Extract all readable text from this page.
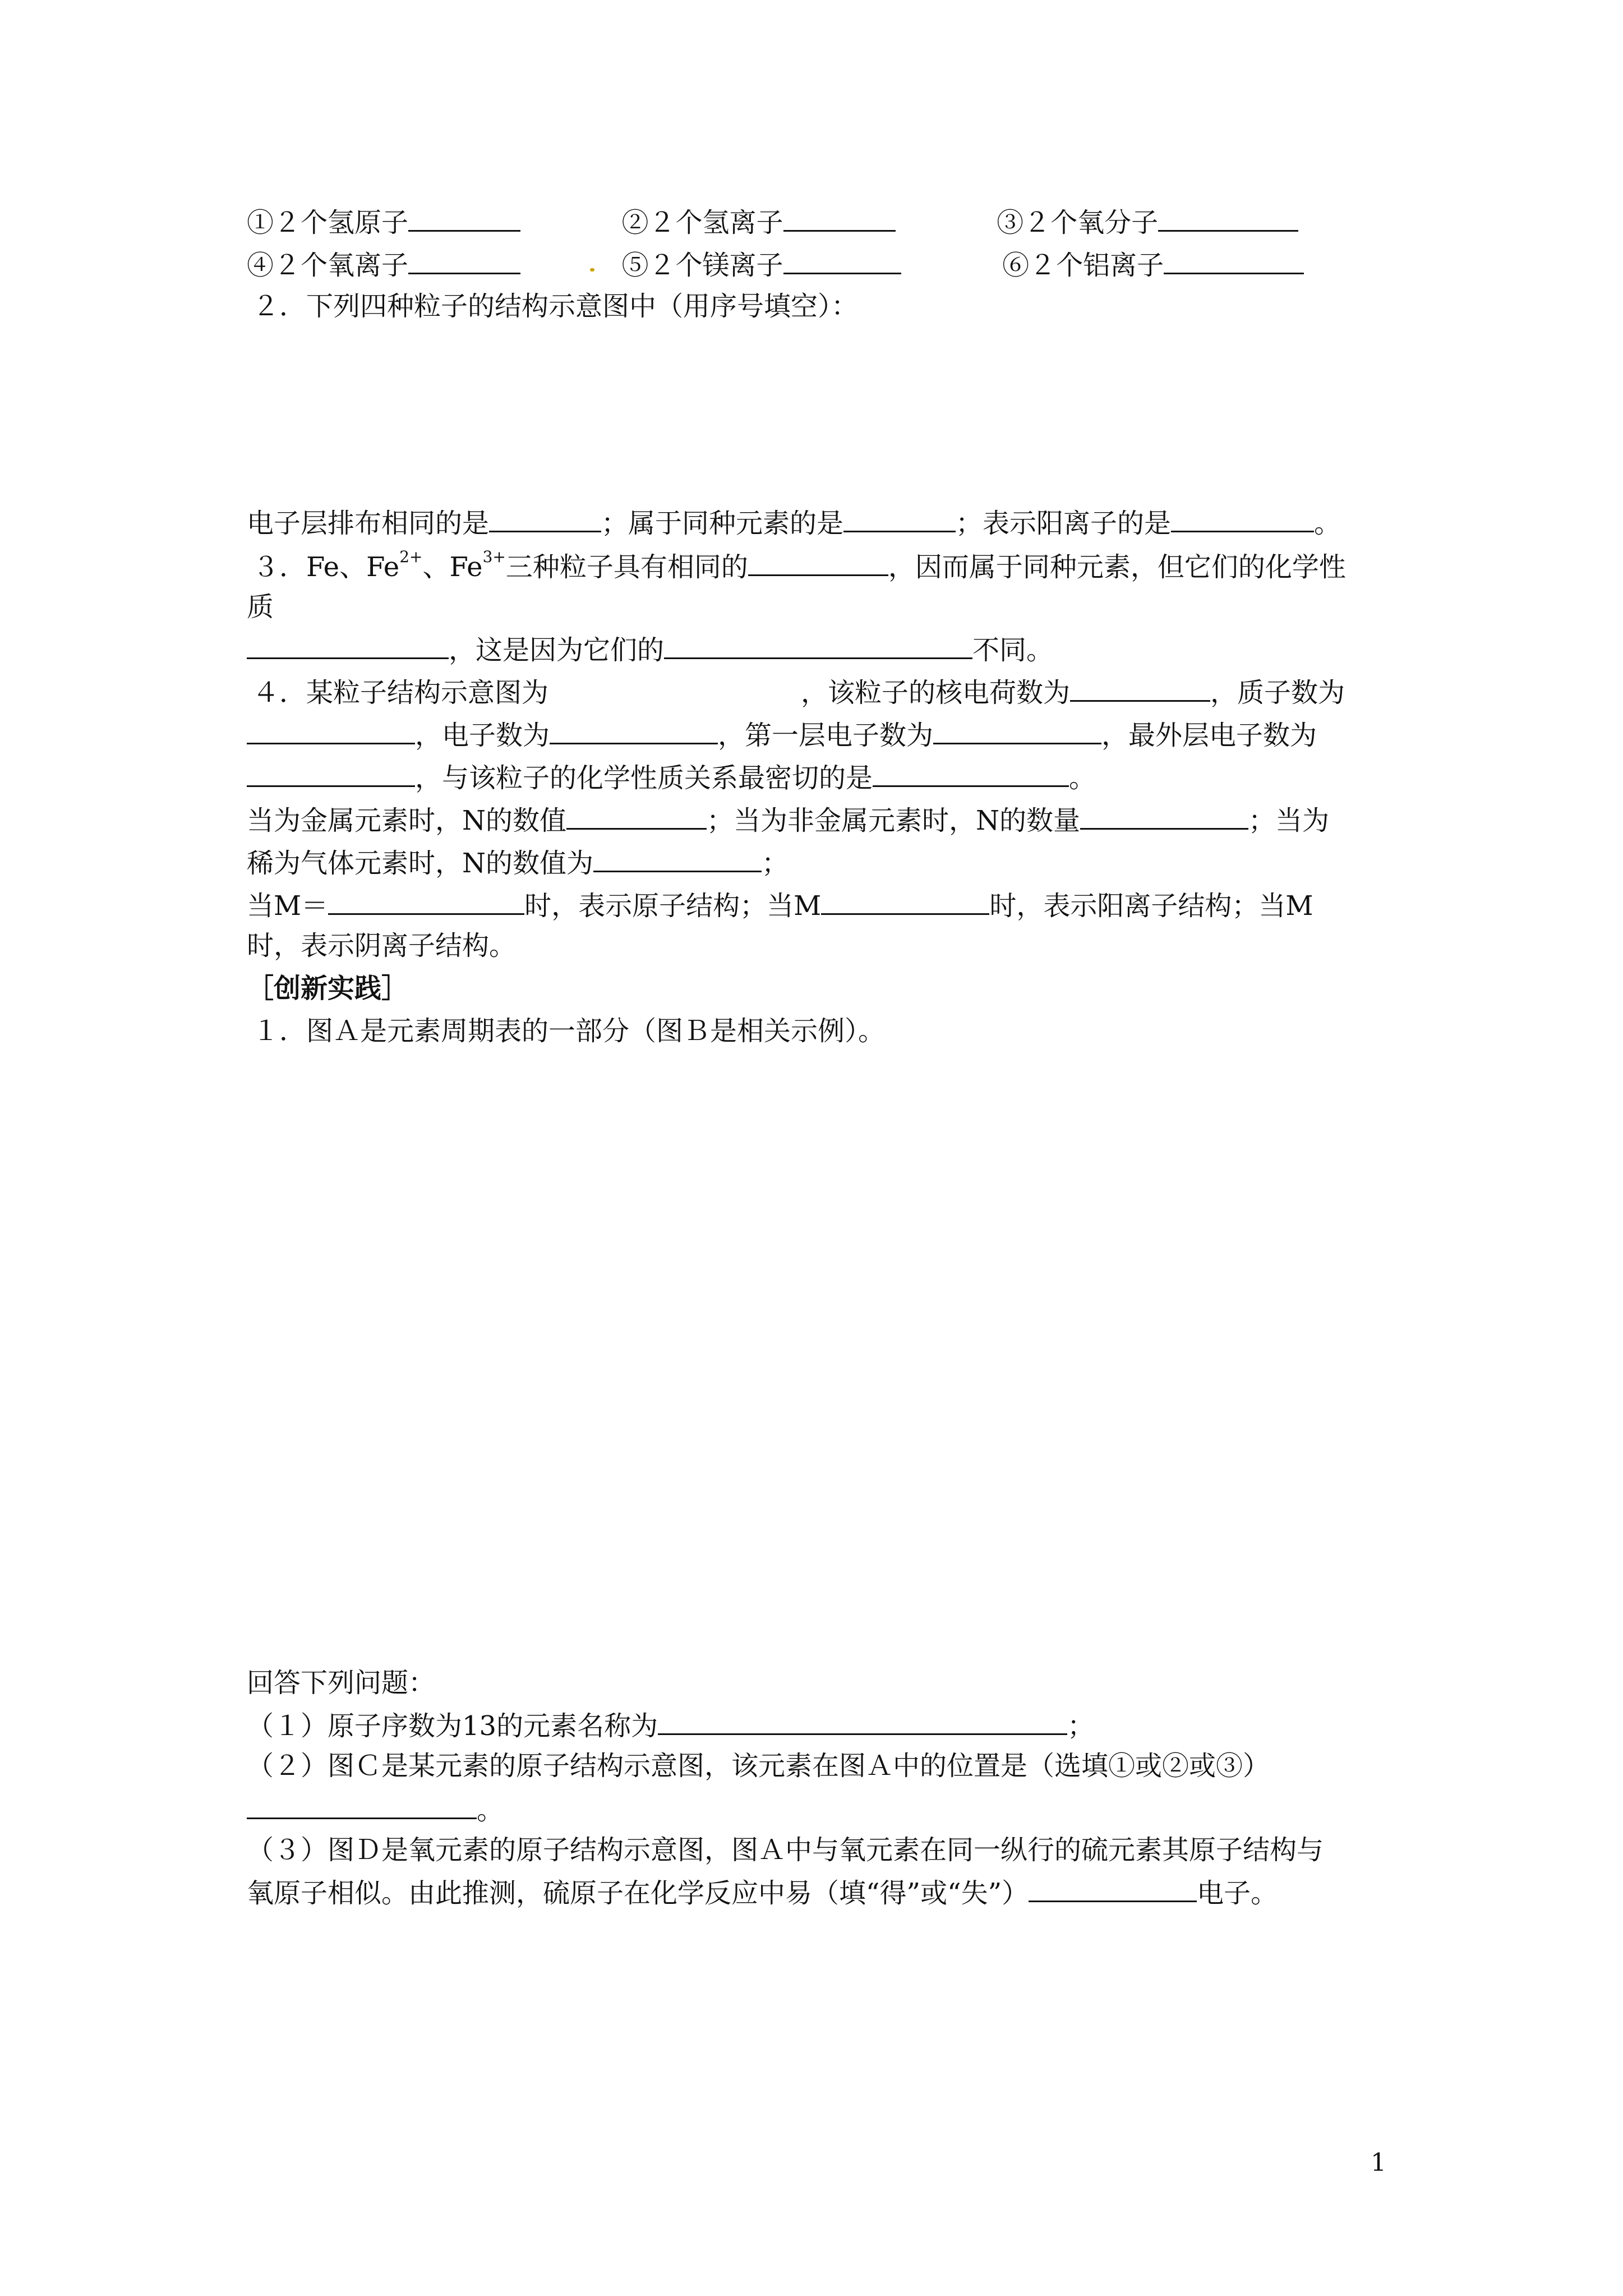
①２个氢原子	②２个氢离子	③２个氧分子
④２个氧离子	⑤２个镁离子	⑥２个铝离子
２．下列四种粒子的结构示意图中（用序号填空）：
电子层排布相同的是	；属于同种元素的是	；表示阳离子的是	。
３．Fe、$Fe^{2+}$、$Fe^{3+}$三种粒子具有相同的	，因而属于同种元素，但它们的化学性
质
，这是因为它们的	不同。
４．某粒子结构示意图为	，该粒子的核电荷数为	，质子数为
，电子数为	，第一层电子数为	，最外层电子数为
，与该粒子的化学性质关系最密切的是	。
当为金属元素时，N的数值	；当为非金属元素时，N的数量	；当为
稀为气体元素时，N的数值为	；
当M＝	时，表示原子结构；当M	时，表示阳离子结构；当M
时，表示阴离子结构。
［创新实践］
１．图Ａ是元素周期表的一部分（图Ｂ是相关示例）。
回答下列问题：
（１）原子序数为13的元素名称为	；
（２）图Ｃ是某元素的原子结构示意图，该元素在图Ａ中的位置是（选填①或②或③）
。
（３）图Ｄ是氧元素的原子结构示意图，图Ａ中与氧元素在同一纵行的硫元素其原子结构与
氧原子相似。由此推测，硫原子在化学反应中易（填“得”或“失”）	电子。
1
